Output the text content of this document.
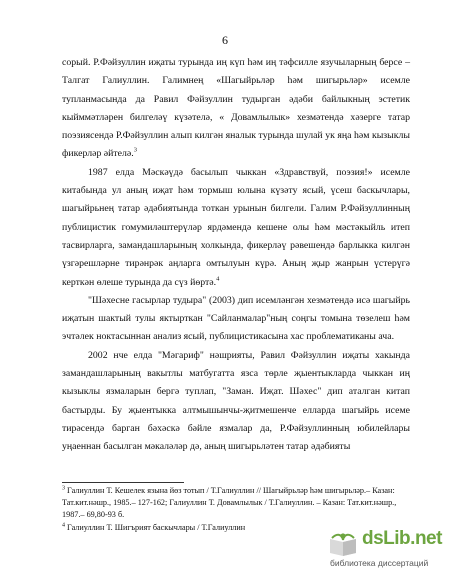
6

сорый. Р.Фәйзуллин иҗаты турында иң күп һәм иң тәфсилле язучыларның берсе – Талгат Галиуллин. Галимнең «Шагыйрьләр һәм шигырьләр» исемле тупланмасында да Равил Фәйзуллин тудырган әдәби байлыкның эстетик кыйммәтләрен билгеләү күзәтелә, « Довамлылык» хезмәтендә хәзерге татар поэзиясендә Р.Фәйзуллин алып килгән яналык турында шулай ук яңа һәм кызыклы фикерләр әйтелә.$^3$

1987 елда Мәскәүдә басылып чыккан «Здравствуй, поэзия!» исемле китабында ул аның иҗат һәм тормыш юлына күзәту ясый, үсеш баскычлары, шагыйрьнең татар әдәбиятында тоткан урынын билгели. Галим Р.Фәйзуллинның публицистик гомумиләштерүләр ярдәмендә кешене олы һәм мәстәкыйль итеп тасвирларга, замандашларының холкында, фикерләү рәвешендә барлыкка килгән үзгәрешләрне тирәнрәк аңларга омтылуын күрә. Аның җыр жанрын үстерүгә керткән өлеше турында да сүз йөртә.$^4$

"Шәхесне гасырлар тудыра" (2003) дип исемләнгән хезмәтендә исә шагыйрь иҗатын шактый тулы яктырткан "Сайланмалар"ның соңгы томына төзелеш һәм эчтәлек ноктасыннан анализ ясый, публицистикасына хас проблематиканы ача.

2002 нче елда "Мәгариф" нәшрияты, Равил Фәйзуллин иҗаты хакында замандашларының вакытлы матбугатта язса төрле җыентыкларда чыккан иң кызыклы язмаларын бергә туплап, "Заман. Иҗат. Шәхес" дип аталган китап бастырды. Бу җыентыкка алтмышынчы-җитмешенче елларда шагыйрь исеме тирәсендә барган бәхәскә бәйле язмалар да, Р.Фәйзуллинның юбилейлары уңаеннан басылган мәкаләләр дә, аның шигырьләтен татар әдәбияты

$^3$ Галиуллин Т. Кешелек язына йөз тотып / Т.Галиуллин // Шагыйрьләр һәм шигырьләр.– Казан: Тат.кит.нәшр., 1985.– 127-162; Галиуллин Т. Довамлылык / Т.Галиуллин. – Казан: Тат.кит.нәшр., 1987.– 69,80-93 б.

$^4$ Галиуллин Т. Шигърият баскычлары / Т.Галиуллин

dsLib.net
библиотека диссертаций
